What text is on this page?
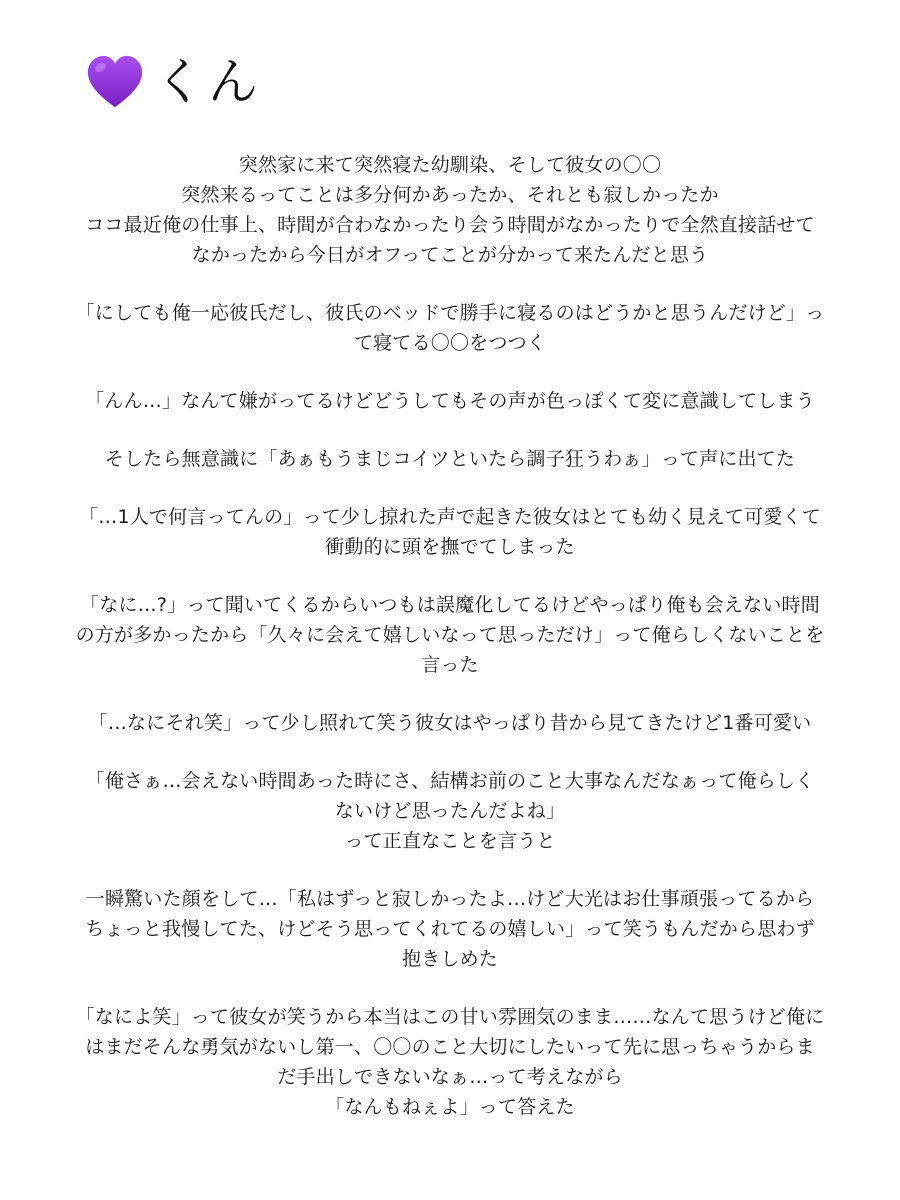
くん

突然家に来て突然寝た幼馴染、そして彼女の〇〇
突然来るってことは多分何かあったか、それとも寂しかったか
ココ最近俺の仕事上、時間が合わなかったり会う時間がなかったりで全然直接話せて
なかったから今日がオフってことが分かって来たんだと思う

「にしても俺一応彼氏だし、彼氏のベッドで勝手に寝るのはどうかと思うんだけど」っ
て寝てる〇〇をつつく

「んん…」なんて嫌がってるけどどうしてもその声が色っぽくて変に意識してしまう

そしたら無意識に「あぁもうまじコイツといたら調子狂うわぁ」って声に出てた

「…1人で何言ってんの」って少し掠れた声で起きた彼女はとても幼く見えて可愛くて
衝動的に頭を撫でてしまった

「なに…?」って聞いてくるからいつもは誤魔化してるけどやっぱり俺も会えない時間
の方が多かったから「久々に会えて嬉しいなって思っただけ」って俺らしくないことを
言った

「…なにそれ笑」って少し照れて笑う彼女はやっぱり昔から見てきたけど1番可愛い

「俺さぁ…会えない時間あった時にさ、結構お前のこと大事なんだなぁって俺らしく
ないけど思ったんだよね」
って正直なことを言うと

一瞬驚いた顔をして…「私はずっと寂しかったよ…けど大光はお仕事頑張ってるから
ちょっと我慢してた、けどそう思ってくれてるの嬉しい」って笑うもんだから思わず
抱きしめた

「なによ笑」って彼女が笑うから本当はこの甘い雰囲気のまま……なんて思うけど俺に
はまだそんな勇気がないし第一、〇〇のこと大切にしたいって先に思っちゃうからま
だ手出しできないなぁ…って考えながら
「なんもねぇよ」って答えた
